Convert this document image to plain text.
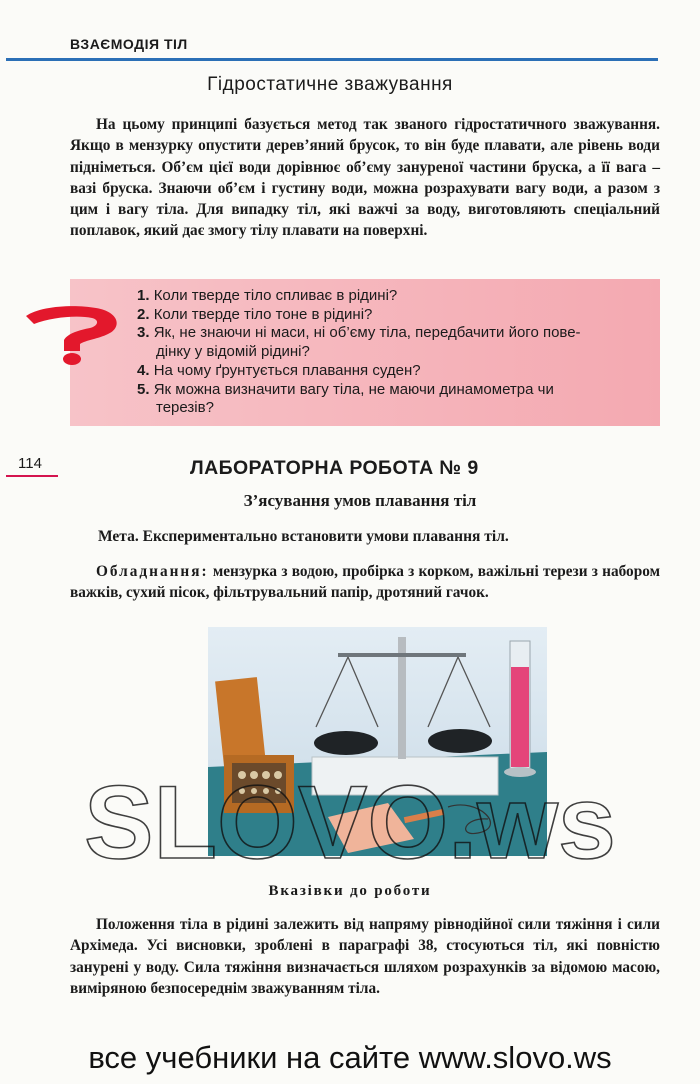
ВЗАЄМОДІЯ ТІЛ
Гідростатичне зважування
На цьому принципі базується метод так званого гідростатичного зважування. Якщо в мензурку опустити дерев’яний брусок, то він буде плавати, але рівень води підніметься. Об’єм цієї води дорівнює об’єму зануреної частини бруска, а її вага – вазі бруска. Знаючи об’єм і густину води, можна розрахувати вагу води, а разом з цим і вагу тіла. Для випадку тіл, які важчі за воду, виготовляють спеціальний поплавок, який дає змогу тілу плавати на поверхні.
1. Коли тверде тіло спливає в рідині?
2. Коли тверде тіло тоне в рідині?
3. Як, не знаючи ні маси, ні об’єму тіла, передбачити його пове-
дінку у відомій рідині?
4. На чому ґрунтується плавання суден?
5. Як можна визначити вагу тіла, не маючи динамометра чи
терезів?
114	ЛАБОРАТОРНА РОБОТА № 9
З’ясування умов плавання тіл
Мета. Експериментально встановити умови плавання тіл.
Обладнання: мензурка з водою, пробірка з корком, важільні терези з набором важків, сухий пісок, фільтрувальний папір, дротяний гачок.
SLOVO.ws
Вказівки до роботи
Положення тіла в рідині залежить від напряму рівнодійної сили тяжіння і сили Архімеда. Усі висновки, зроблені в параграфі 38, стосуються тіл, які повністю занурені у воду. Сила тяжіння визначається шляхом розрахунків за відомою масою, виміряною безпосереднім зважуванням тіла.
все учебники на сайте www.slovo.ws
